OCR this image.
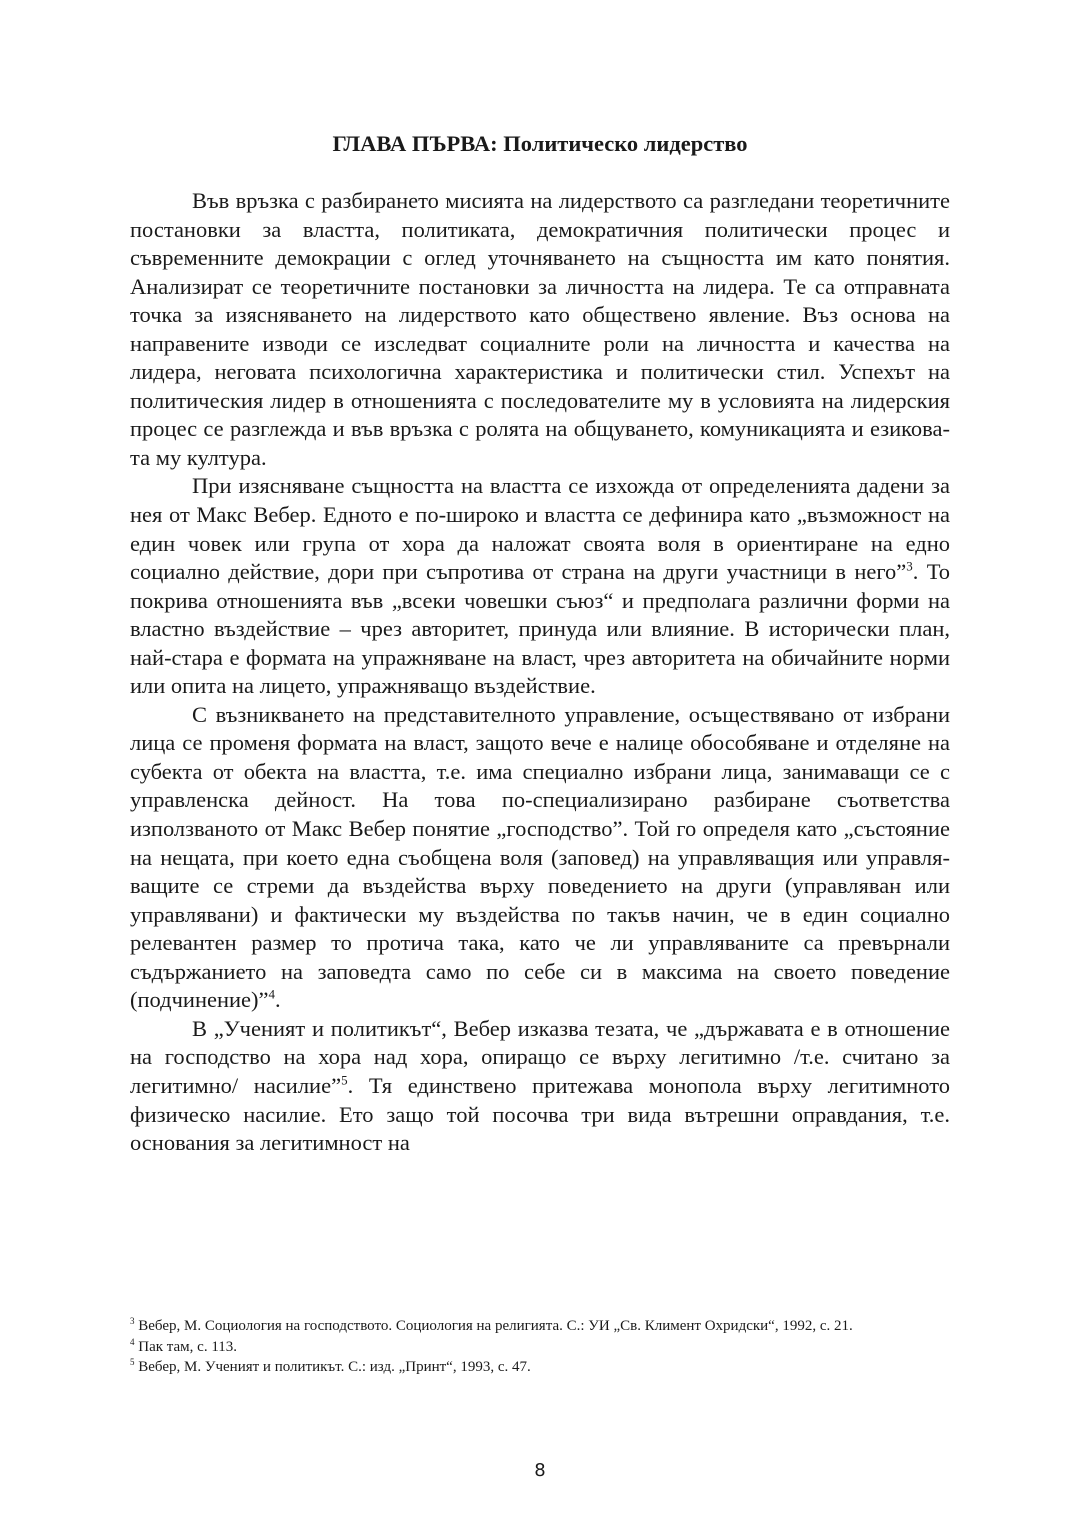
ГЛАВА ПЪРВА: Политическо лидерство

Във връзка с разбирането мисията на лидерството са разгледани теоретичните постановки за властта, политиката, демократичния политически процес и съвременните демокрации с оглед уточняването на същността им като понятия. Анализират се теоретичните постановки за личността на лидера. Те са отправната точка за изясняването на лидерството като обществено явление. Въз основа на направените изводи се изследват социалните роли на личността и качества на лидера, неговата психологична характеристика и политически стил. Успехът на политическия лидер в отношенията с последователите му в условията на лидерския процес се разглежда и във връзка с ролята на общуването, комуникацията и езиковата му култура.

При изясняване същността на властта се изхожда от определенията дадени за нея от Макс Вебер. Едното е по-широко и властта се дефинира като „възможност на един човек или група от хора да наложат своята воля в ориентиране на едно социално действие, дори при съпротива от страна на други участници в него”$^3$. То покрива отношенията във „всеки човешки съюз“ и предполага различни форми на властно въздействие – чрез авторитет, принуда или влияние. В исторически план, най-стара е формата на упражняване на власт, чрез авторитета на обичайните норми или опита на лицето, упражняващо въздействие.

С възникването на представителното управление, осъществявано от избрани лица се променя формата на власт, защото вече е налице обособяване и отделяне на субекта от обекта на властта, т.е. има специално избрани лица, занимаващи се с управленска дейност. На това по-специализирано разбиране съответства използваното от Макс Вебер понятие „господство”. Той го определя като „състояние на нещата, при което една съобщена воля (заповед) на управляващия или управляващите се стреми да въздейства върху поведението на други (управляван или управлявани) и фактически му въздейства по такъв начин, че в един социално релевантен размер то протича така, като че ли управляваните са превърнали съдържанието на заповедта само по себе си в максима на своето поведение (подчинение)”$^4$.

В „Ученият и политикът“, Вебер изказва тезата, че „държавата е в отношение на господство на хора над хора, опиращо се върху легитимно /т.е. считано за легитимно/ насилие”$^5$. Тя единствено притежава монопола върху легитимното физическо насилие. Ето защо той посочва три вида вътрешни оправдания, т.е. основания за легитимност на

$^3$ Вебер, М. Социология на господството. Социология на религията. С.: УИ „Св. Климент Охридски“, 1992, с. 21.

$^4$ Пак там, с. 113.

$^5$ Вебер, М. Ученият и политикът. С.: изд. „Принт“, 1993, с. 47.

8
